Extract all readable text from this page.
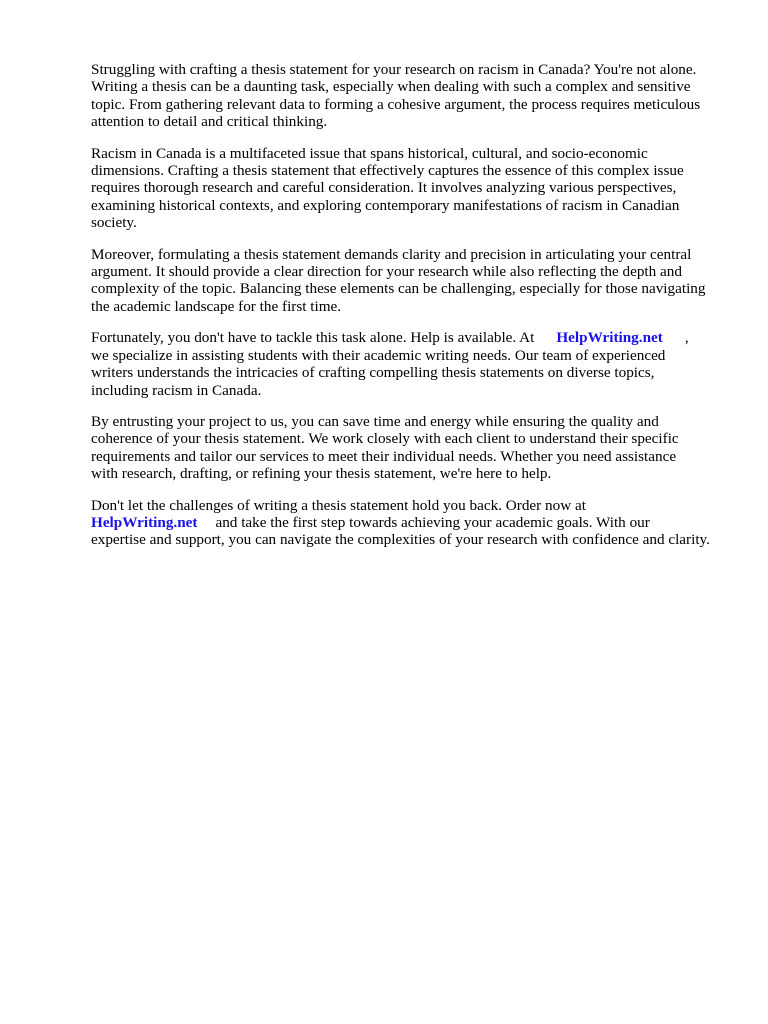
Struggling with crafting a thesis statement for your research on racism in Canada? You're not alone.
Writing a thesis can be a daunting task, especially when dealing with such a complex and sensitive
topic. From gathering relevant data to forming a cohesive argument, the process requires meticulous
attention to detail and critical thinking.

Racism in Canada is a multifaceted issue that spans historical, cultural, and socio-economic
dimensions. Crafting a thesis statement that effectively captures the essence of this complex issue
requires thorough research and careful consideration. It involves analyzing various perspectives,
examining historical contexts, and exploring contemporary manifestations of racism in Canadian
society.

Moreover, formulating a thesis statement demands clarity and precision in articulating your central
argument. It should provide a clear direction for your research while also reflecting the depth and
complexity of the topic. Balancing these elements can be challenging, especially for those navigating
the academic landscape for the first time.

Fortunately, you don't have to tackle this task alone. Help is available. At HelpWriting.net ,
we specialize in assisting students with their academic writing needs. Our team of experienced
writers understands the intricacies of crafting compelling thesis statements on diverse topics,
including racism in Canada.

By entrusting your project to us, you can save time and energy while ensuring the quality and
coherence of your thesis statement. We work closely with each client to understand their specific
requirements and tailor our services to meet their individual needs. Whether you need assistance
with research, drafting, or refining your thesis statement, we're here to help.

Don't let the challenges of writing a thesis statement hold you back. Order now at
HelpWriting.net and take the first step towards achieving your academic goals. With our
expertise and support, you can navigate the complexities of your research with confidence and clarity.
